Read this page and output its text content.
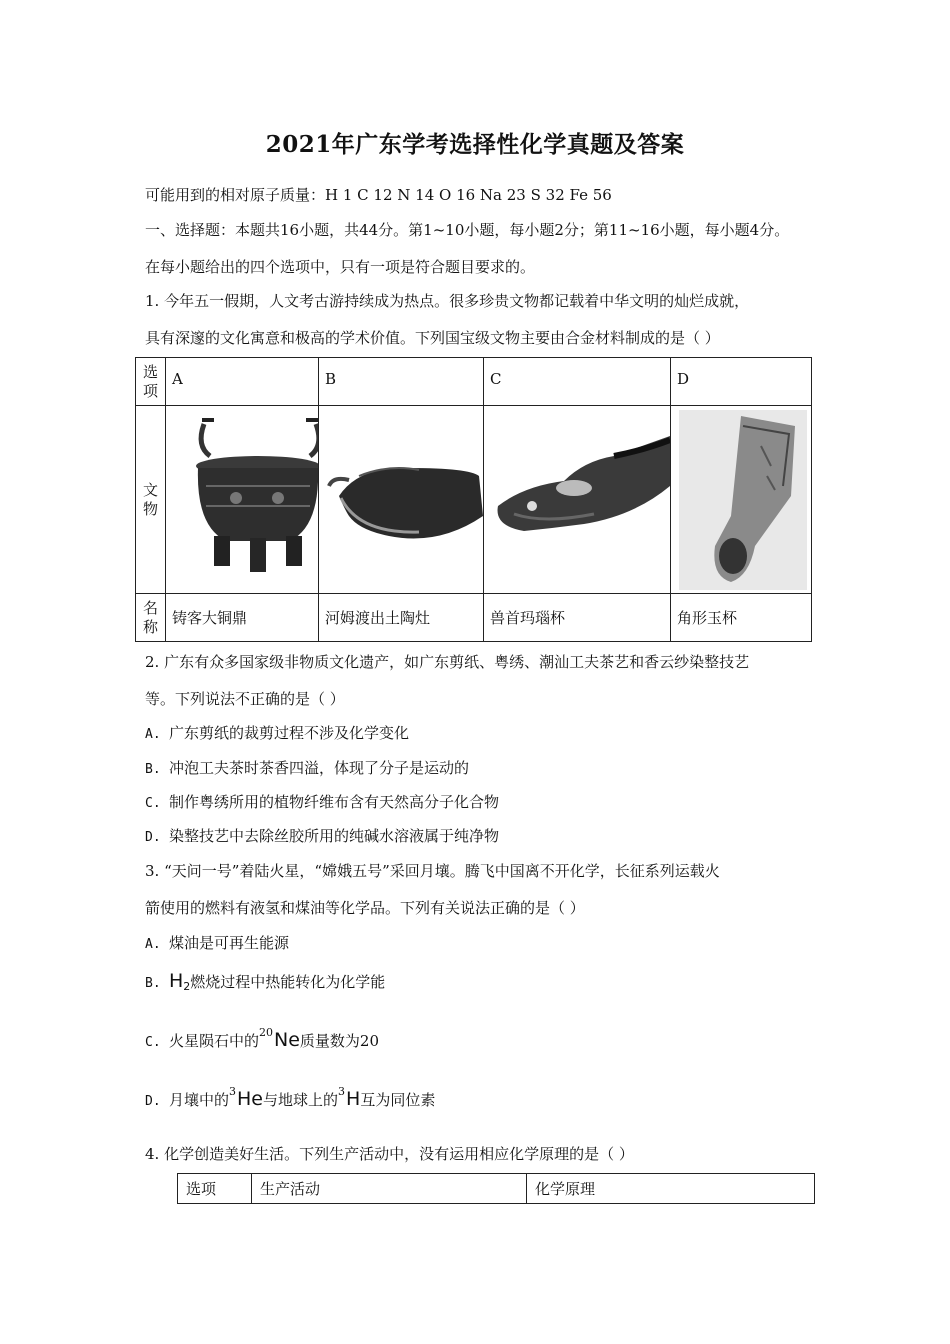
2021年广东学考选择性化学真题及答案
可能用到的相对原子质量：H 1 C 12 N 14 O 16 Na 23 S 32 Fe 56
一、选择题：本题共16小题，共44分。第1~10小题，每小题2分；第11~16小题，每小题4分。
在每小题给出的四个选项中，只有一项是符合题目要求的。
1. 今年五一假期，人文考古游持续成为热点。很多珍贵文物都记载着中华文明的灿烂成就，
具有深邃的文化寓意和极高的学术价值。下列国宝级文物主要由合金材料制成的是（ ）
选项	A	B	C	D
文物	

名称	铸客大铜鼎	河姆渡出土陶灶	兽首玛瑙杯	角形玉杯
2. 广东有众多国家级非物质文化遗产，如广东剪纸、粤绣、潮汕工夫茶艺和香云纱染整技艺
等。下列说法不正确的是（ ）
A. 广东剪纸的裁剪过程不涉及化学变化
B. 冲泡工夫茶时茶香四溢，体现了分子是运动的
C. 制作粤绣所用的植物纤维布含有天然高分子化合物
D. 染整技艺中去除丝胶所用的纯碱水溶液属于纯净物
3. “天问一号”着陆火星，“嫦娥五号”采回月壤。腾飞中国离不开化学，长征系列运载火
箭使用的燃料有液氢和煤油等化学品。下列有关说法正确的是（ ）
A. 煤油是可再生能源
B. $H_2$燃烧过程中热能转化为化学能
C. 火星陨石中的$^{20}$Ne质量数为20
D. 月壤中的$^3$He与地球上的$^3$H互为同位素
4. 化学创造美好生活。下列生产活动中，没有运用相应化学原理的是（ ）
选项	生产活动	化学原理
